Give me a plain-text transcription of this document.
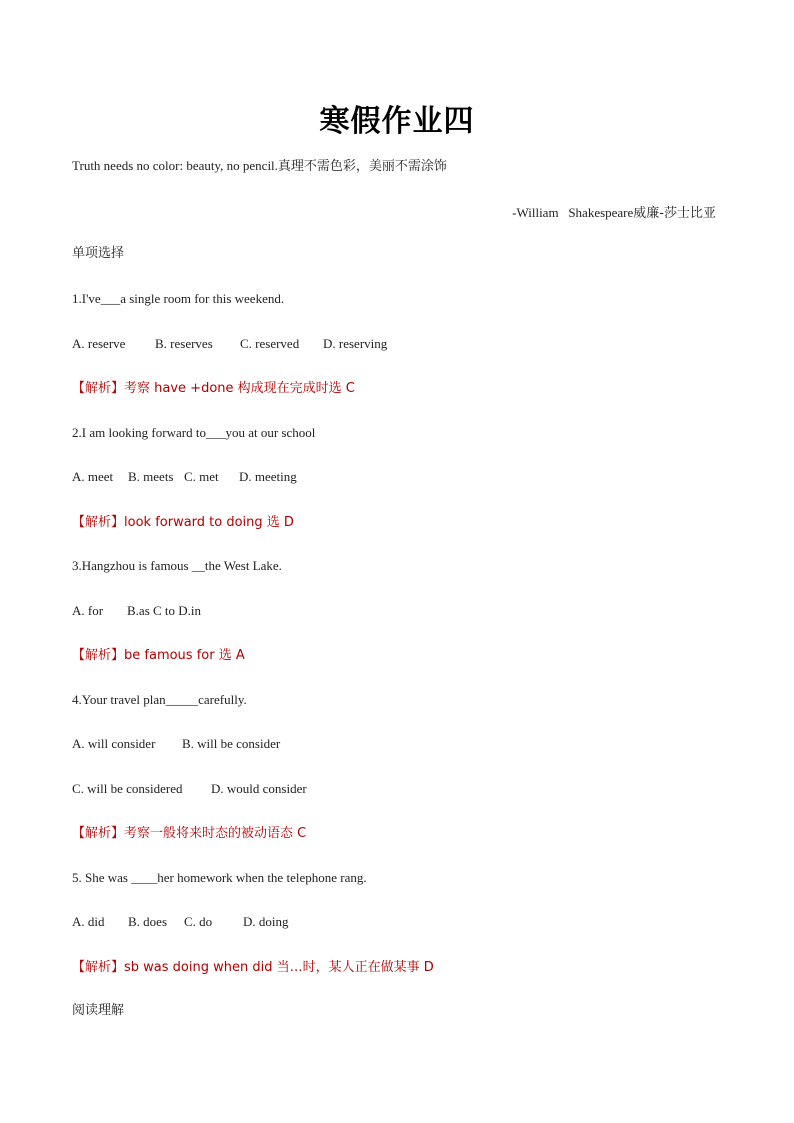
寒假作业四
Truth needs no color: beauty, no pencil.真理不需色彩，美丽不需涂饰
-William   Shakespeare威廉-莎士比亚
单项选择
1.I've___a single room for this weekend.
A. reserve B. reserves C. reserved D. reserving
【解析】考察 have +done 构成现在完成时选 C
2.I am looking forward to___you at our school
A. meet B. meets C. met D. meeting
【解析】look forward to doing 选 D
3.Hangzhou is famous __the West Lake.
A. for B.as C to D.in
【解析】be famous for 选 A
4.Your travel plan_____carefully.
A. will consider B. will be consider
C. will be considered D. would consider
【解析】考察一般将来时态的被动语态 C
5. She was ____her homework when the telephone rang.
A. did B. does C. do D. doing
【解析】sb was doing when did 当…时，某人正在做某事 D
阅读理解
